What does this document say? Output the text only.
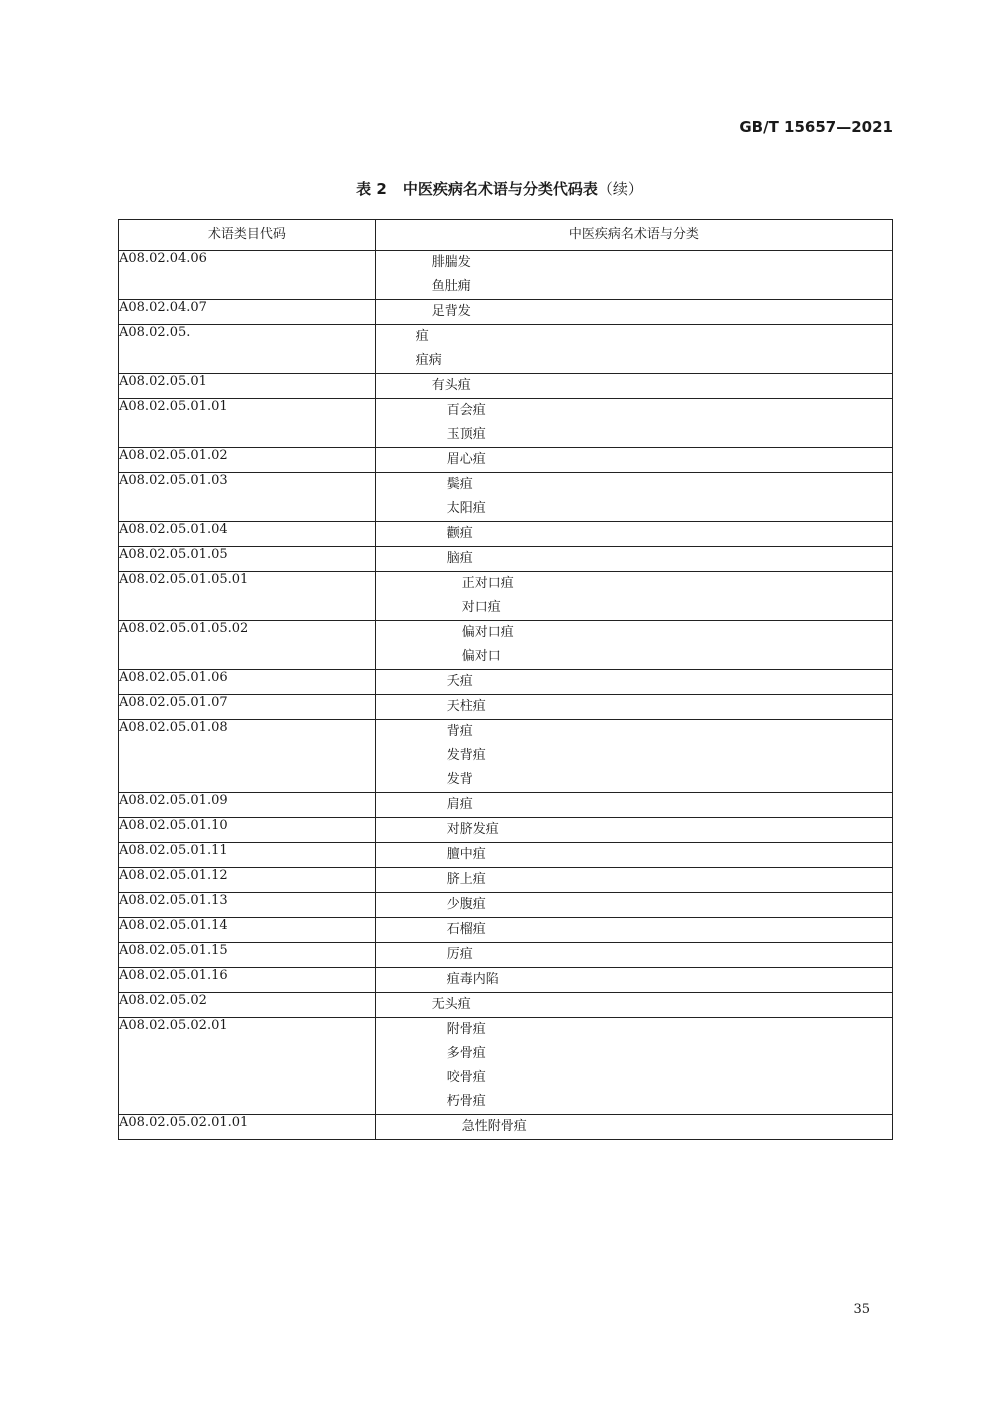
GB/T 15657—2021
表 2 中医疾病名术语与分类代码表（续）
术语类目代码	中医疾病名术语与分类
A08.02.04.06	腓腨发
鱼肚痈

A08.02.04.07	足背发

A08.02.05.	疽
疽病

A08.02.05.01	有头疽

A08.02.05.01.01	百会疽
玉顶疽

A08.02.05.01.02	眉心疽

A08.02.05.01.03	鬓疽
太阳疽

A08.02.05.01.04	颧疽

A08.02.05.01.05	脑疽

A08.02.05.01.05.01	正对口疽
对口疽

A08.02.05.01.05.02	偏对口疽
偏对口

A08.02.05.01.06	夭疽

A08.02.05.01.07	天柱疽

A08.02.05.01.08	背疽
发背疽
发背

A08.02.05.01.09	肩疽

A08.02.05.01.10	对脐发疽

A08.02.05.01.11	膻中疽

A08.02.05.01.12	脐上疽

A08.02.05.01.13	少腹疽

A08.02.05.01.14	石榴疽

A08.02.05.01.15	厉疽

A08.02.05.01.16	疽毒内陷

A08.02.05.02	无头疽

A08.02.05.02.01	附骨疽
多骨疽
咬骨疽
朽骨疽

A08.02.05.02.01.01	急性附骨疽
35
